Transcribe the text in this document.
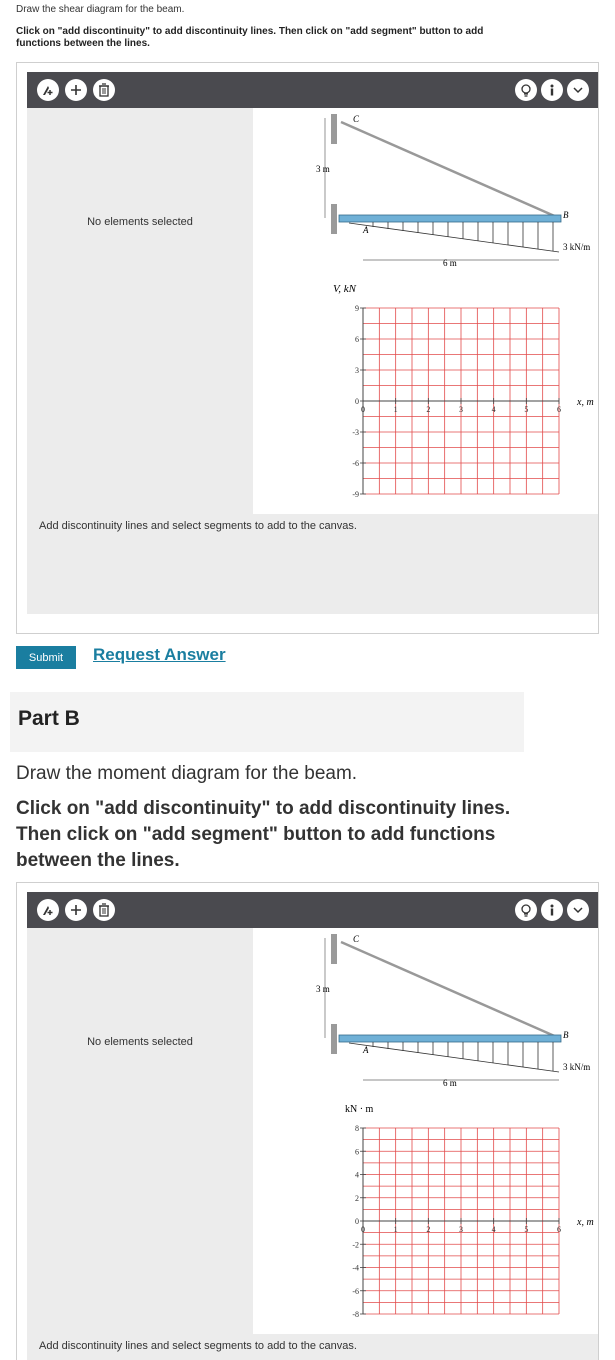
Draw the shear diagram for the beam.
Click on "add discontinuity" to add discontinuity lines. Then click on "add segment" button to add functions between the lines.
No elements selected
3 m
6 m
C
A
B
3 kN/m
V, kN
x, m
9
6
3
0
-3
-6
-9
0	1	2	3	4	5	6
Add discontinuity lines and select segments to add to the canvas.
Submit	Request Answer
Part B
Draw the moment diagram for the beam.
Click on "add discontinuity" to add discontinuity lines. Then click on "add segment" button to add functions between the lines.
No elements selected
3 m
6 m
C
A
B
3 kN/m
kN · m
x, m
8
6
4
2
0
-2
-4
-6
-8
0	1	2	3	4	5	6
Add discontinuity lines and select segments to add to the canvas.
